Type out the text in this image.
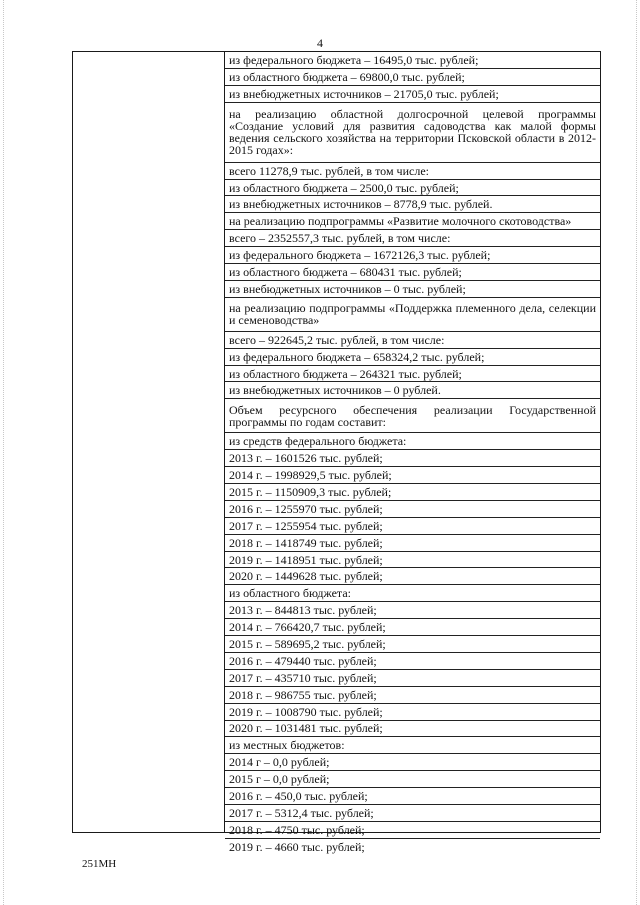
4
из федерального бюджета – 16495,0 тыс. рублей;
из областного бюджета – 69800,0 тыс. рублей;
из внебюджетных источников – 21705,0 тыс. рублей;
на реализацию областной долгосрочной целевой программы «Создание условий для развития садоводства как малой формы ведения сельского хозяйства на территории Псковской области в 2012-2015 годах»:
всего 11278,9 тыс. рублей, в том числе:
из областного бюджета – 2500,0 тыс. рублей;
из внебюджетных источников – 8778,9 тыс. рублей.
на реализацию подпрограммы «Развитие молочного скотоводства»
всего – 2352557,3 тыс. рублей, в том числе:
из федерального бюджета – 1672126,3 тыс. рублей;
из областного бюджета – 680431 тыс. рублей;
из внебюджетных источников – 0 тыс. рублей;
на реализацию подпрограммы «Поддержка племенного дела, селекции и семеноводства»
всего – 922645,2 тыс. рублей, в том числе:
из федерального бюджета – 658324,2 тыс. рублей;
из областного бюджета – 264321 тыс. рублей;
из внебюджетных источников – 0 рублей.
Объем ресурсного обеспечения реализации Государственной программы по годам составит:
из средств федерального бюджета:
2013 г. – 1601526 тыс. рублей;
2014 г. – 1998929,5 тыс. рублей;
2015 г. – 1150909,3 тыс. рублей;
2016 г. – 1255970 тыс. рублей;
2017 г. – 1255954 тыс. рублей;
2018 г. – 1418749 тыс. рублей;
2019 г. – 1418951 тыс. рублей;
2020 г. – 1449628 тыс. рублей;
из областного бюджета:
2013 г. – 844813 тыс. рублей;
2014 г. – 766420,7 тыс. рублей;
2015 г. – 589695,2 тыс. рублей;
2016 г. – 479440 тыс. рублей;
2017 г. – 435710 тыс. рублей;
2018 г. – 986755 тыс. рублей;
2019 г. – 1008790 тыс. рублей;
2020 г. – 1031481 тыс. рублей;
из местных бюджетов:
2014 г – 0,0 рублей;
2015 г – 0,0 рублей;
2016 г. – 450,0 тыс. рублей;
2017 г. – 5312,4 тыс. рублей;
2018 г. – 4750 тыс. рублей;
2019 г. – 4660 тыс. рублей;
251МН
